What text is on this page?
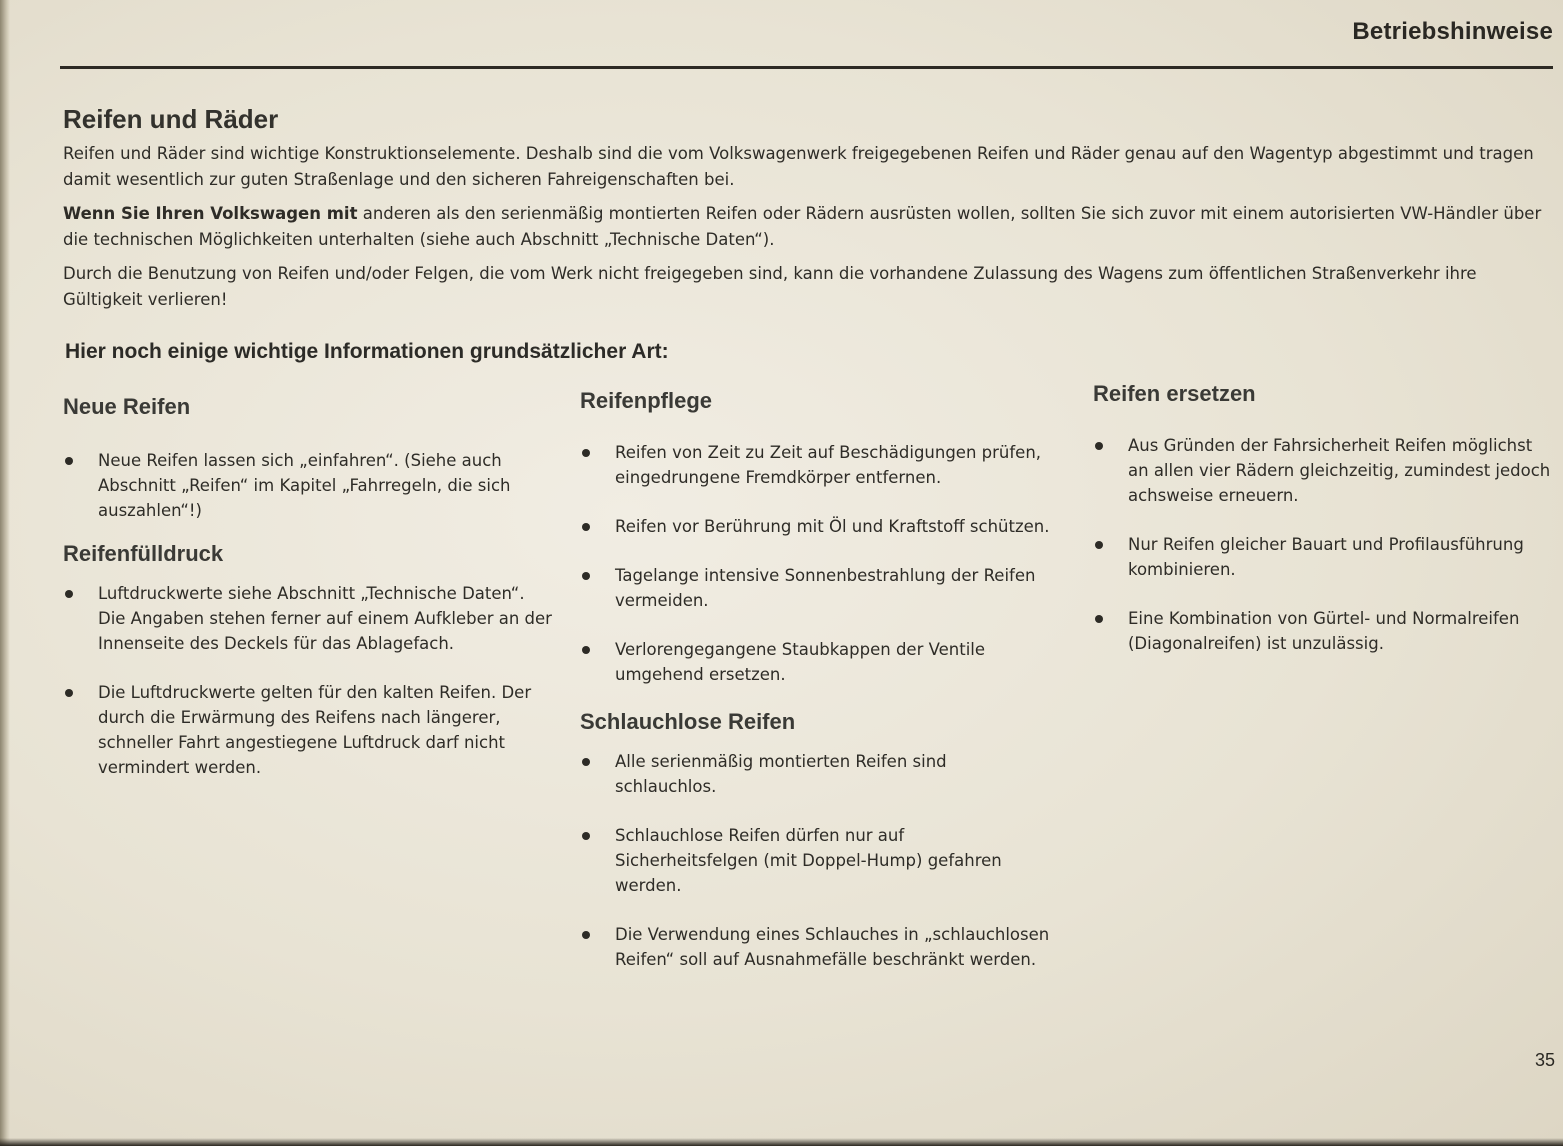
Betriebshinweise
Reifen und Räder

Reifen und Räder sind wichtige Konstruktionselemente. Deshalb sind die vom Volkswagenwerk freigegebenen Reifen und Räder genau auf den Wagentyp abgestimmt und tragen damit wesentlich zur guten Straßenlage und den sicheren Fahreigenschaften bei.

Wenn Sie Ihren Volkswagen mit anderen als den serienmäßig montierten Reifen oder Rädern ausrüsten wollen, sollten Sie sich zuvor mit einem autorisierten VW-Händler über die technischen Möglichkeiten unterhalten (siehe auch Abschnitt „Technische Daten“).

Durch die Benutzung von Reifen und/oder Felgen, die vom Werk nicht freigegeben sind, kann die vorhandene Zulassung des Wagens zum öffentlichen Straßenverkehr ihre Gültigkeit verlieren!

Hier noch einige wichtige Informationen grundsätzlicher Art:
Neue Reifen
Neue Reifen lassen sich „einfahren“. (Siehe auch Abschnitt „Reifen“ im Kapitel „Fahrregeln, die sich auszahlen“!)
Reifenfülldruck
Luftdruckwerte siehe Abschnitt „Technische Daten“. Die Angaben stehen ferner auf einem Aufkleber an der Innenseite des Deckels für das Ablagefach.
Die Luftdruckwerte gelten für den kalten Reifen. Der durch die Erwärmung des Reifens nach längerer, schneller Fahrt angestiegene Luftdruck darf nicht vermindert werden.
Reifenpflege
Reifen von Zeit zu Zeit auf Beschädigungen prüfen, eingedrungene Fremdkörper entfernen.
Reifen vor Berührung mit Öl und Kraftstoff schützen.
Tagelange intensive Sonnenbestrahlung der Reifen vermeiden.
Verlorengegangene Staubkappen der Ventile umgehend ersetzen.
Schlauchlose Reifen
Alle serienmäßig montierten Reifen sind schlauchlos.
Schlauchlose Reifen dürfen nur auf Sicherheitsfelgen (mit Doppel-Hump) gefahren werden.
Die Verwendung eines Schlauches in „schlauchlosen Reifen“ soll auf Ausnahmefälle beschränkt werden.
Reifen ersetzen
Aus Gründen der Fahrsicherheit Reifen möglichst an allen vier Rädern gleichzeitig, zumindest jedoch achsweise erneuern.
Nur Reifen gleicher Bauart und Profilausführung kombinieren.
Eine Kombination von Gürtel- und Normalreifen (Diagonalreifen) ist unzulässig.
35
